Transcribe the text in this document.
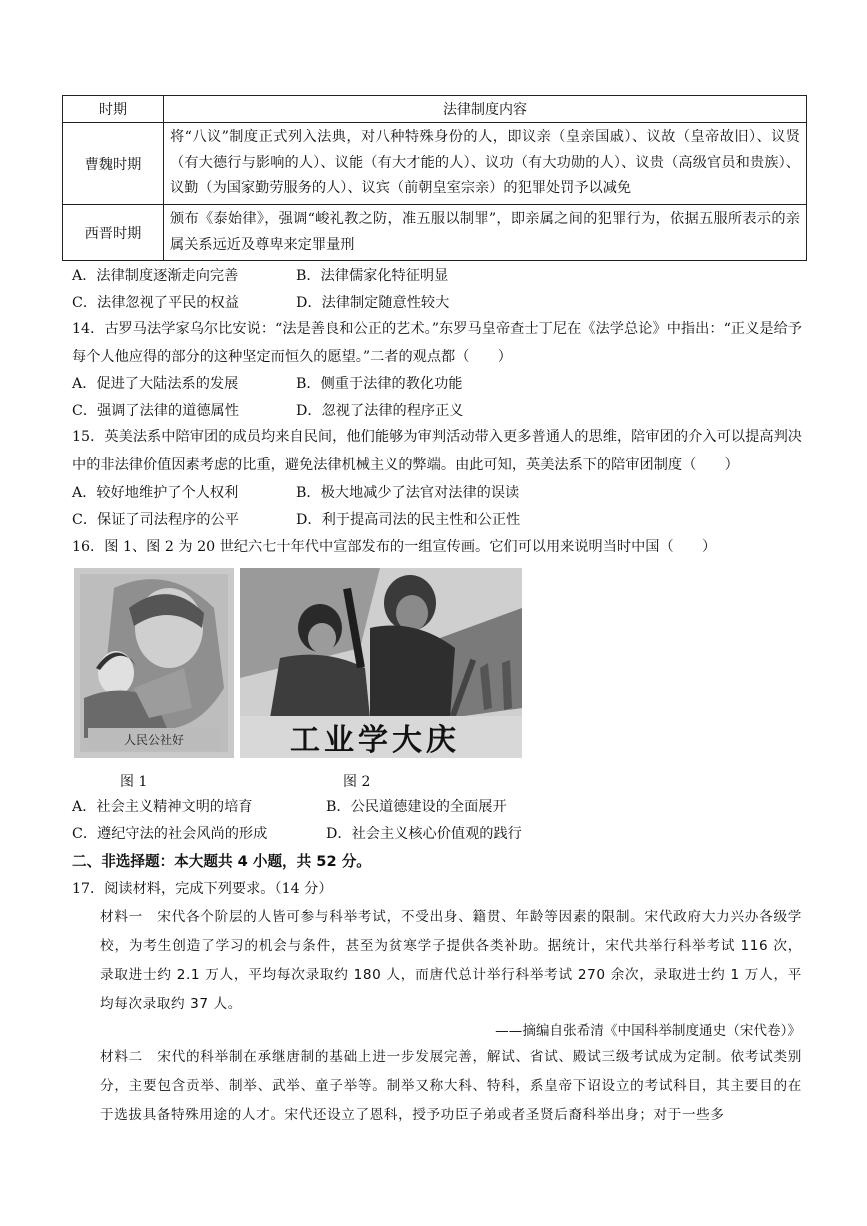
时期	法律制度内容
曹魏时期	将“八议”制度正式列入法典，对八种特殊身份的人，即议亲（皇亲国戚）、议故（皇帝故旧）、议贤（有大德行与影响的人）、议能（有大才能的人）、议功（有大功勋的人）、议贵（高级官员和贵族）、议勤（为国家勤劳服务的人）、议宾（前朝皇室宗亲）的犯罪处罚予以减免
西晋时期	颁布《泰始律》，强调“峻礼教之防，准五服以制罪”，即亲属之间的犯罪行为，依据五服所表示的亲属关系远近及尊卑来定罪量刑
A．法律制度逐渐走向完善	B．法律儒家化特征明显
C．法律忽视了平民的权益	D．法律制定随意性较大
14．古罗马法学家乌尔比安说：“法是善良和公正的艺术。”东罗马皇帝查士丁尼在《法学总论》中指出：“正义是给予每个人他应得的部分的这种坚定而恒久的愿望。”二者的观点都（　　）
A．促进了大陆法系的发展	B．侧重于法律的教化功能
C．强调了法律的道德属性	D．忽视了法律的程序正义
15．英美法系中陪审团的成员均来自民间，他们能够为审判活动带入更多普通人的思维，陪审团的介入可以提高判决中的非法律价值因素考虑的比重，避免法律机械主义的弊端。由此可知，英美法系下的陪审团制度（　　）
A．较好地维护了个人权利	B．极大地减少了法官对法律的误读
C．保证了司法程序的公平	D．利于提高司法的民主性和公正性
16．图 1、图 2 为 20 世纪六七十年代中宣部发布的一组宣传画。它们可以用来说明当时中国（　　）
人民公社好	工业学大庆
图 1	图 2
A．社会主义精神文明的培育	B．公民道德建设的全面展开
C．遵纪守法的社会风尚的形成	D．社会主义核心价值观的践行
二、非选择题：本大题共 4 小题，共 52 分。
17．阅读材料，完成下列要求。（14 分）
材料一　宋代各个阶层的人皆可参与科举考试，不受出身、籍贯、年龄等因素的限制。宋代政府大力兴办各级学校，为考生创造了学习的机会与条件，甚至为贫寒学子提供各类补助。据统计，宋代共举行科举考试 116 次，录取进士约 2.1 万人，平均每次录取约 180 人，而唐代总计举行科举考试 270 余次，录取进士约 1 万人，平均每次录取约 37 人。
——摘编自张希清《中国科举制度通史（宋代卷）》
材料二　宋代的科举制在承继唐制的基础上进一步发展完善，解试、省试、殿试三级考试成为定制。依考试类别分，主要包含贡举、制举、武举、童子举等。制举又称大科、特科，系皇帝下诏设立的考试科目，其主要目的在于选拔具备特殊用途的人才。宋代还设立了恩科，授予功臣子弟或者圣贤后裔科举出身；对于一些多
